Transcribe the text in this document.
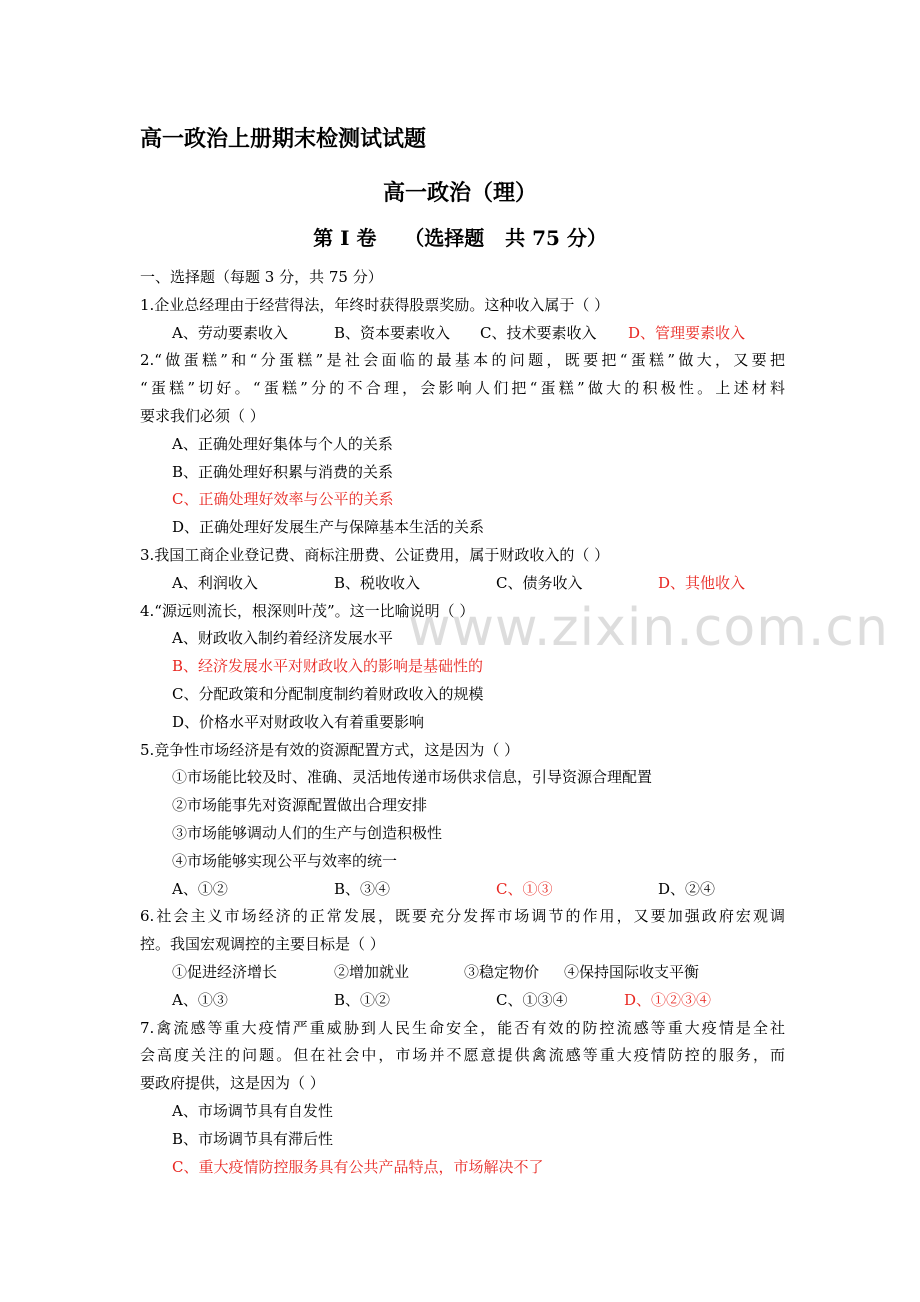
高一政治上册期末检测试试题
高一政治（理）
第 I 卷    （选择题   共 75 分）
一、选择题（每题 3 分，共 75 分）
1.企业总经理由于经营得法，年终时获得股票奖励。这种收入属于（ ）
A、劳动要素收入	B、资本要素收入	C、技术要素收入	D、管理要素收入
2.“做蛋糕”和“分蛋糕”是社会面临的最基本的问题，既要把“蛋糕”做大，又要把
“蛋糕”切好。“蛋糕”分的不合理，会影响人们把“蛋糕”做大的积极性。上述材料
要求我们必须（ ）
A、正确处理好集体与个人的关系
B、正确处理好积累与消费的关系
C、正确处理好效率与公平的关系
D、正确处理好发展生产与保障基本生活的关系
3.我国工商企业登记费、商标注册费、公证费用，属于财政收入的（ ）
A、利润收入	B、税收收入	C、债务收入	D、其他收入
4.“源远则流长，根深则叶茂”。这一比喻说明（ ）
A、财政收入制约着经济发展水平
B、经济发展水平对财政收入的影响是基础性的
C、分配政策和分配制度制约着财政收入的规模
D、价格水平对财政收入有着重要影响
5.竞争性市场经济是有效的资源配置方式，这是因为（ ）
①市场能比较及时、准确、灵活地传递市场供求信息，引导资源合理配置
②市场能事先对资源配置做出合理安排
③市场能够调动人们的生产与创造积极性
④市场能够实现公平与效率的统一
A、①②	B、③④	C、①③	D、②④
6.社会主义市场经济的正常发展，既要充分发挥市场调节的作用，又要加强政府宏观调
控。我国宏观调控的主要目标是（ ）
①促进经济增长	②增加就业	③稳定物价	④保持国际收支平衡
A、①③	B、①②	C、①③④	D、①②③④
7.禽流感等重大疫情严重威胁到人民生命安全，能否有效的防控流感等重大疫情是全社
会高度关注的问题。但在社会中，市场并不愿意提供禽流感等重大疫情防控的服务，而
要政府提供，这是因为（ ）
A、市场调节具有自发性
B、市场调节具有滞后性
C、重大疫情防控服务具有公共产品特点，市场解决不了
www.zixin.com.cn
